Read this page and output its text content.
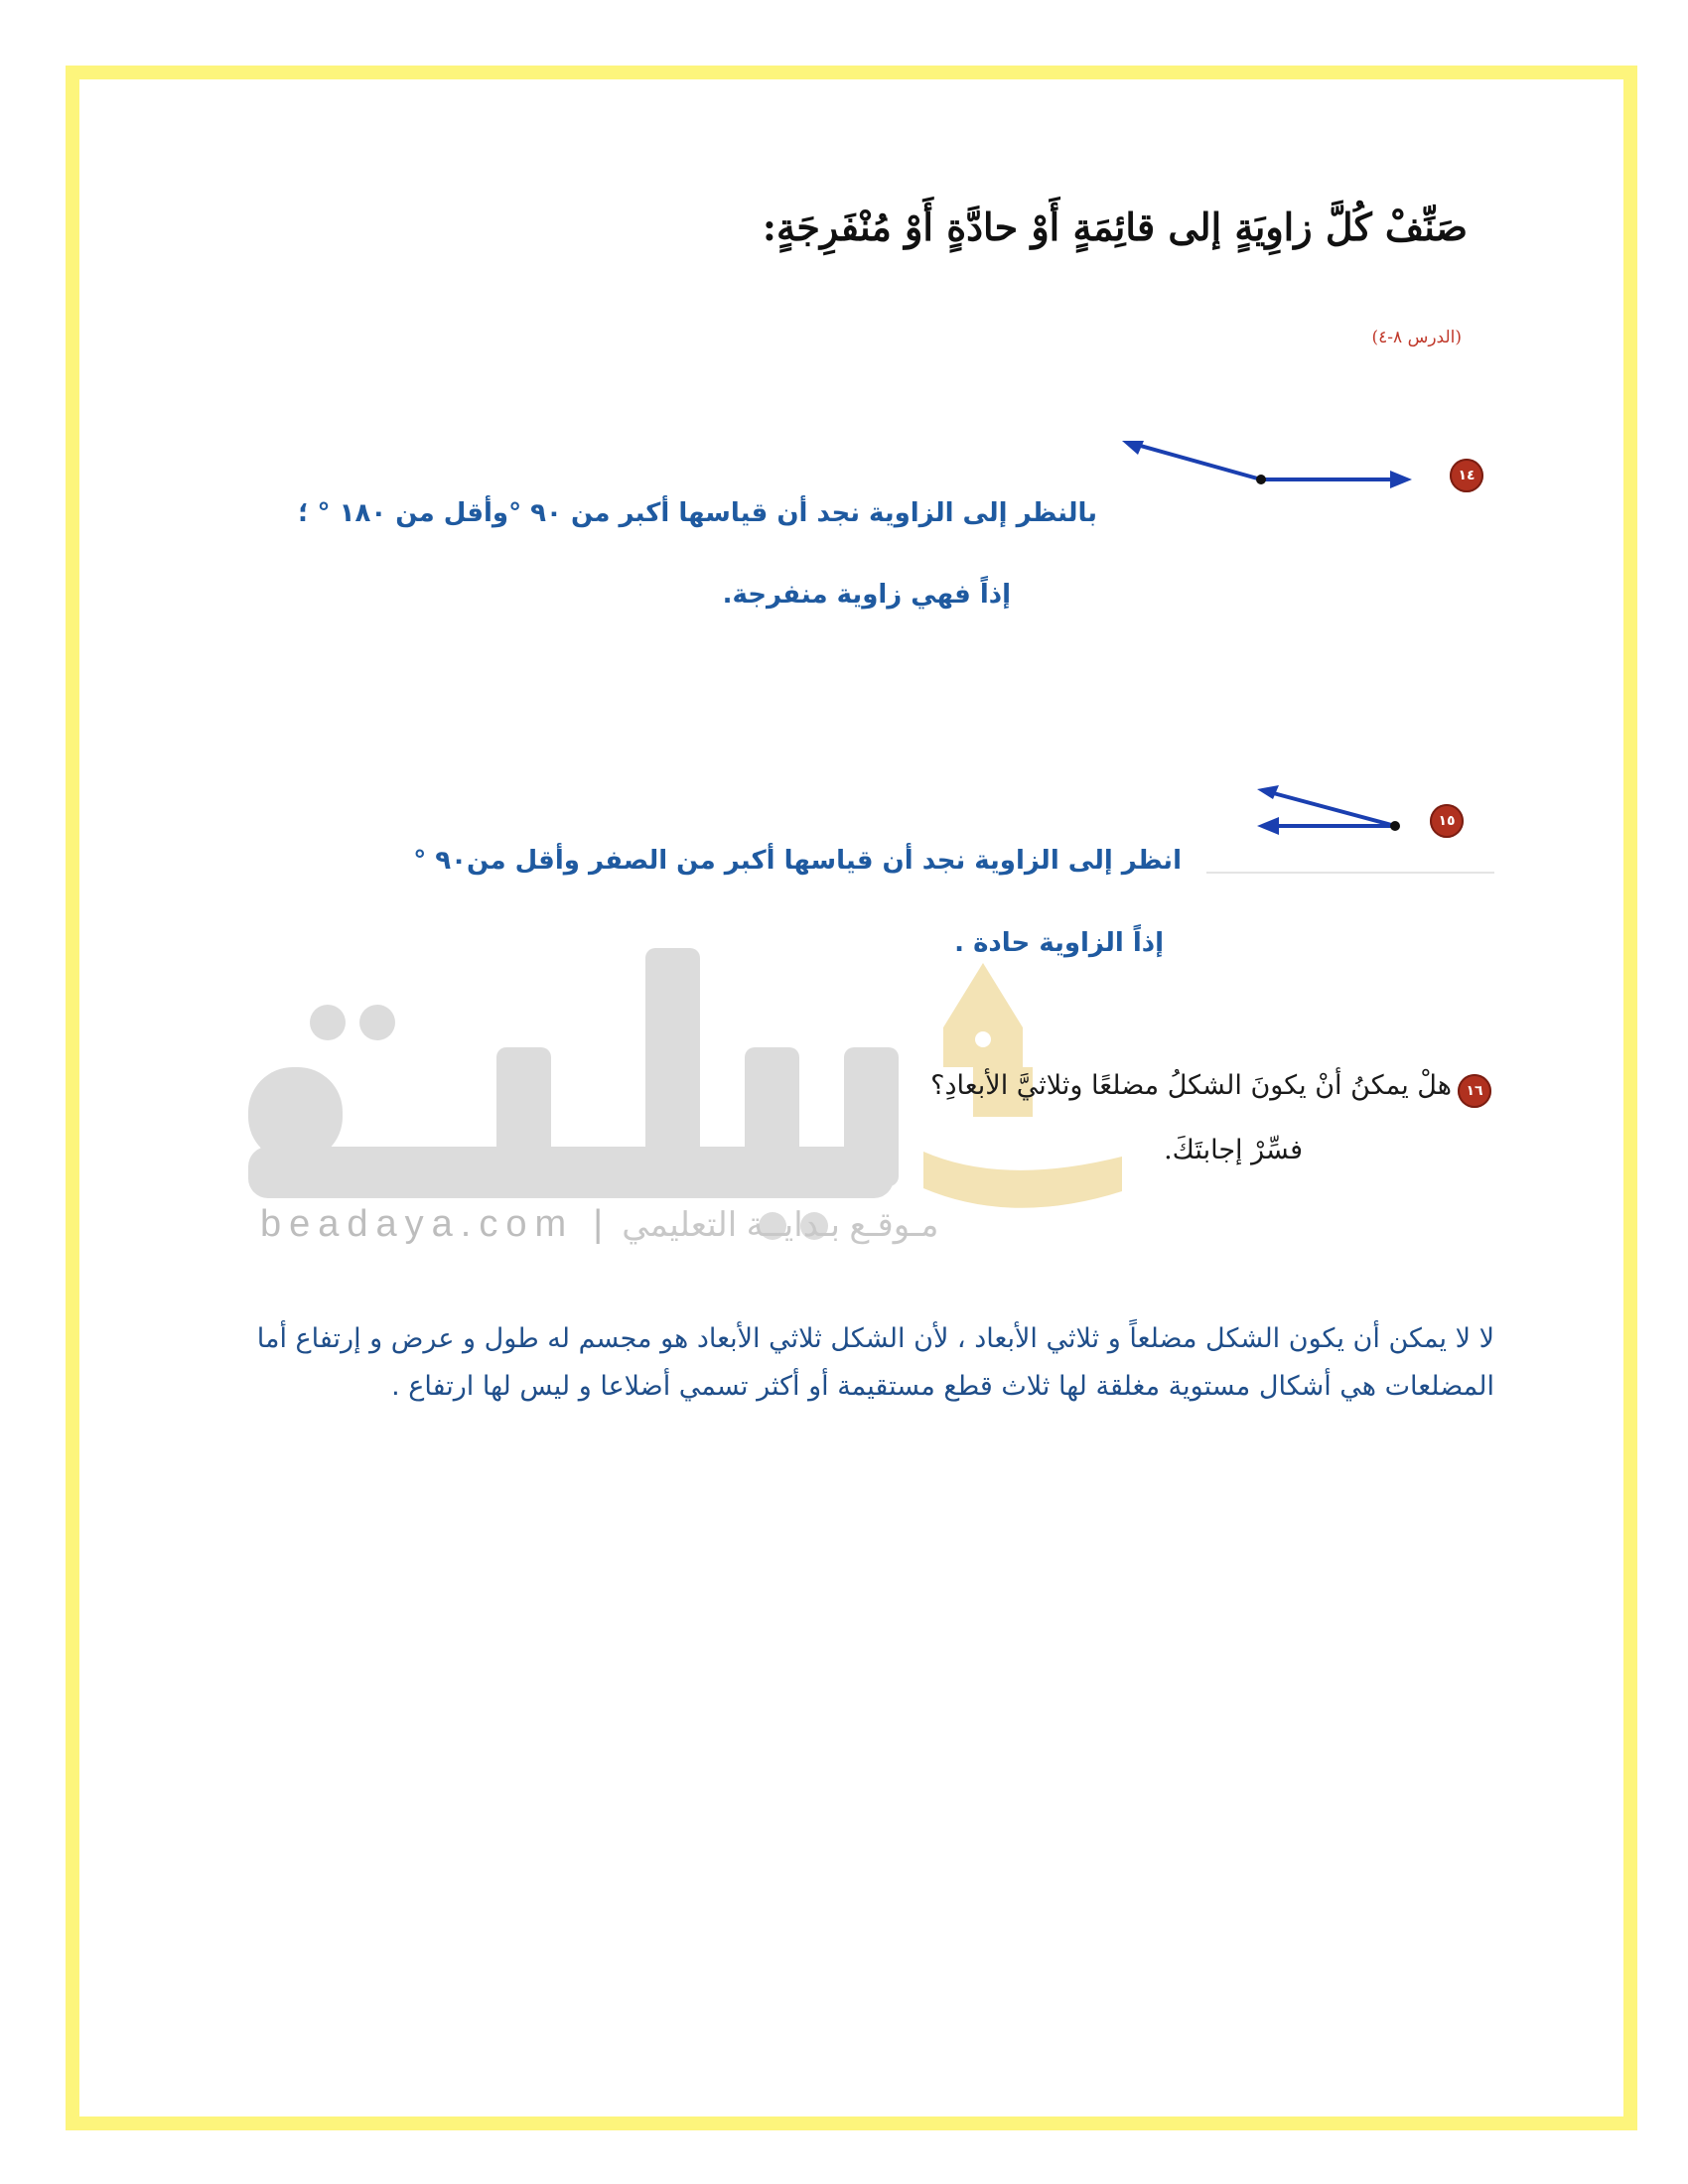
beadaya.com | مـوقـع بـدايــة التعليمي
صَنِّفْ كُلَّ زاوِيَةٍ إلى قائِمَةٍ أَوْ حادَّةٍ أَوْ مُنْفَرِجَةٍ:
(الدرس ٨-٤)
١٤
بالنظر إلى الزاوية نجد أن قياسها أكبر من ٩٠ °وأقل من ١٨٠ ° ؛
إذاً فهي زاوية منفرجة.
١٥
انظر إلى الزاوية نجد أن قياسها أكبر من الصفر وأقل من٩٠ °
إذاً الزاوية حادة .
١٦
هلْ يمكنُ أنْ يكونَ الشكلُ مضلعًا وثلاثيَّ الأبعادِ؟
فسِّرْ إجابتَكَ.
لا لا يمكن أن يكون الشكل مضلعاً و ثلاثي الأبعاد ، لأن الشكل ثلاثي الأبعاد هو مجسم له طول و عرض و إرتفاع أما المضلعات هي أشكال مستوية مغلقة لها ثلاث قطع مستقيمة أو أكثر تسمي أضلاعا و ليس لها ارتفاع .
